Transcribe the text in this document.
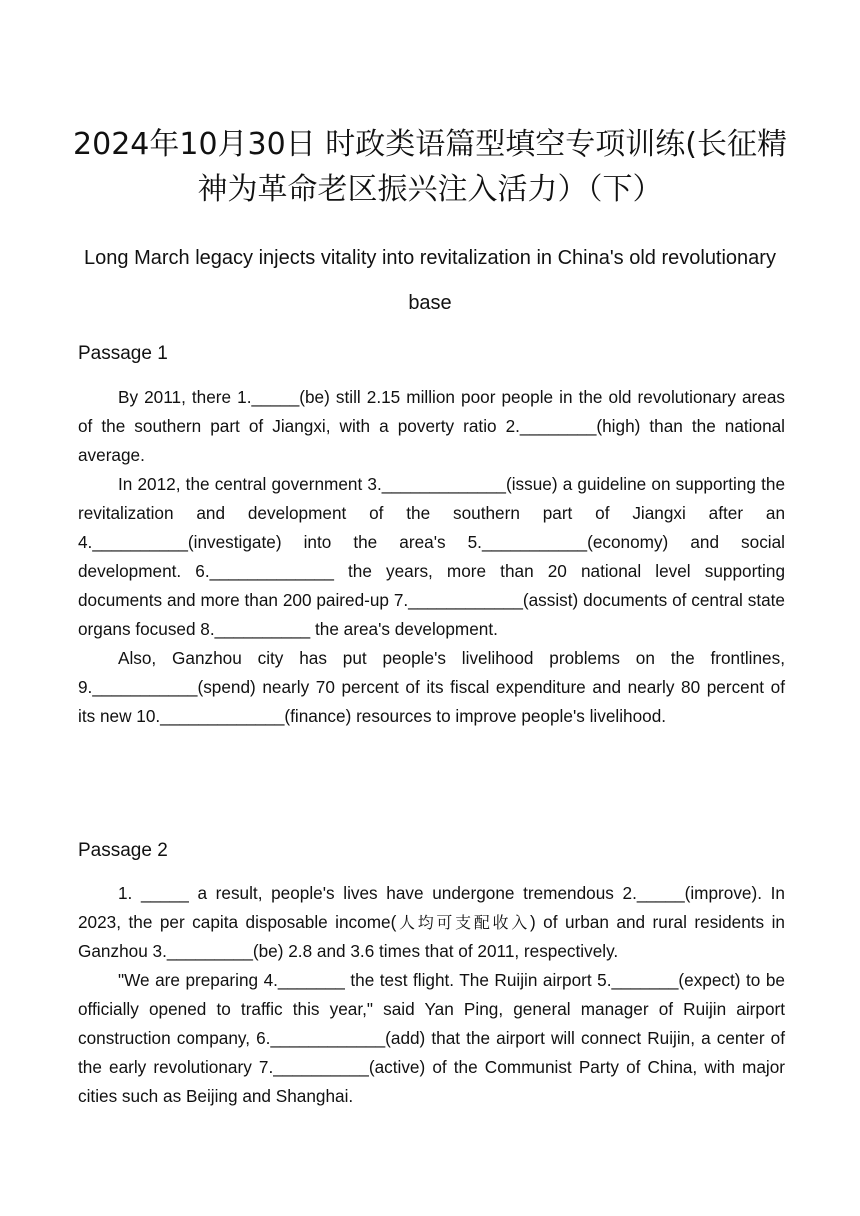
2024年10月30日 时政类语篇型填空专项训练(长征精神为革命老区振兴注入活力）（下）
Long March legacy injects vitality into revitalization in China's old revolutionary base
Passage 1

By 2011, there 1._____(be) still 2.15 million poor people in the old revolutionary areas of the southern part of Jiangxi, with a poverty ratio 2.________(high) than the national average.

In 2012, the central government 3._____________(issue) a guideline on supporting the revitalization and development of the southern part of Jiangxi after an 4.__________(investigate) into the area's 5.___________(economy) and social development. 6._____________ the years, more than 20 national level supporting documents and more than 200 paired-up 7.____________(assist) documents of central state organs focused 8.__________ the area's development.

Also, Ganzhou city has put people's livelihood problems on the frontlines, 9.___________(spend) nearly 70 percent of its fiscal expenditure and nearly 80 percent of its new 10._____________(finance) resources to improve people's livelihood.

Passage 2

1. _____ a result, people's lives have undergone tremendous 2._____(improve). In 2023, the per capita disposable income(人均可支配收入) of urban and rural residents in Ganzhou 3._________(be) 2.8 and 3.6 times that of 2011, respectively.

"We are preparing 4._______ the test flight. The Ruijin airport 5._______(expect) to be officially opened to traffic this year," said Yan Ping, general manager of Ruijin airport construction company, 6.____________(add) that the airport will connect Ruijin, a center of the early revolutionary 7.__________(active) of the Communist Party of China, with major cities such as Beijing and Shanghai.
